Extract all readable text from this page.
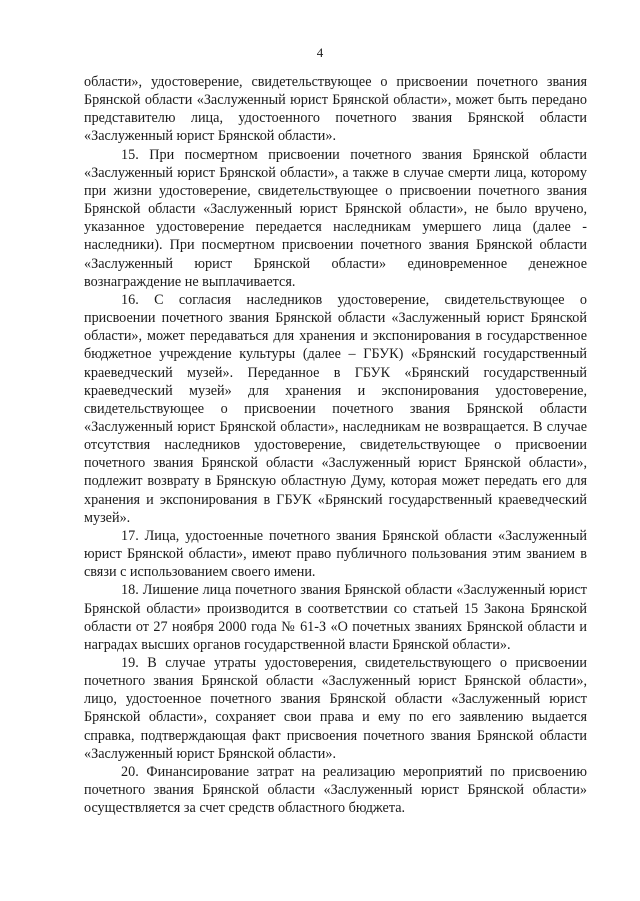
4

области», удостоверение, свидетельствующее о присвоении почетного звания Брянской области «Заслуженный юрист Брянской области», может быть передано представителю лица, удостоенного почетного звания Брянской области «Заслуженный юрист Брянской области».

15. При посмертном присвоении почетного звания Брянской области «Заслуженный юрист Брянской области», а также в случае смерти лица, которому при жизни удостоверение, свидетельствующее о присвоении почетного звания Брянской области «Заслуженный юрист Брянской области», не было вручено, указанное удостоверение передается наследникам умершего лица (далее - наследники). При посмертном присвоении почетного звания Брянской области «Заслуженный юрист Брянской области» единовременное денежное вознаграждение не выплачивается.

16. С согласия наследников удостоверение, свидетельствующее о присвоении почетного звания Брянской области «Заслуженный юрист Брянской области», может передаваться для хранения и экспонирования в государственное бюджетное учреждение культуры (далее – ГБУК) «Брянский государственный краеведческий музей». Переданное в ГБУК «Брянский государственный краеведческий музей» для хранения и экспонирования удостоверение, свидетельствующее о присвоении почетного звания Брянской области «Заслуженный юрист Брянской области», наследникам не возвращается. В случае отсутствия наследников удостоверение, свидетельствующее о присвоении почетного звания Брянской области «Заслуженный юрист Брянской области», подлежит возврату в Брянскую областную Думу, которая может передать его для хранения и экспонирования в ГБУК «Брянский государственный краеведческий музей».

17. Лица, удостоенные почетного звания Брянской области «Заслуженный юрист Брянской области», имеют право публичного пользования этим званием в связи с использованием своего имени.

18. Лишение лица почетного звания Брянской области «Заслуженный юрист Брянской области» производится в соответствии со статьей 15 Закона Брянской области от 27 ноября 2000 года № 61-З «О почетных званиях Брянской области и наградах высших органов государственной власти Брянской области».

19. В случае утраты удостоверения, свидетельствующего о присвоении почетного звания Брянской области «Заслуженный юрист Брянской области», лицо, удостоенное почетного звания Брянской области «Заслуженный юрист Брянской области», сохраняет свои права и ему по его заявлению выдается справка, подтверждающая факт присвоения почетного звания Брянской области «Заслуженный юрист Брянской области».

20. Финансирование затрат на реализацию мероприятий по присвоению почетного звания Брянской области «Заслуженный юрист Брянской области» осуществляется за счет средств областного бюджета.
